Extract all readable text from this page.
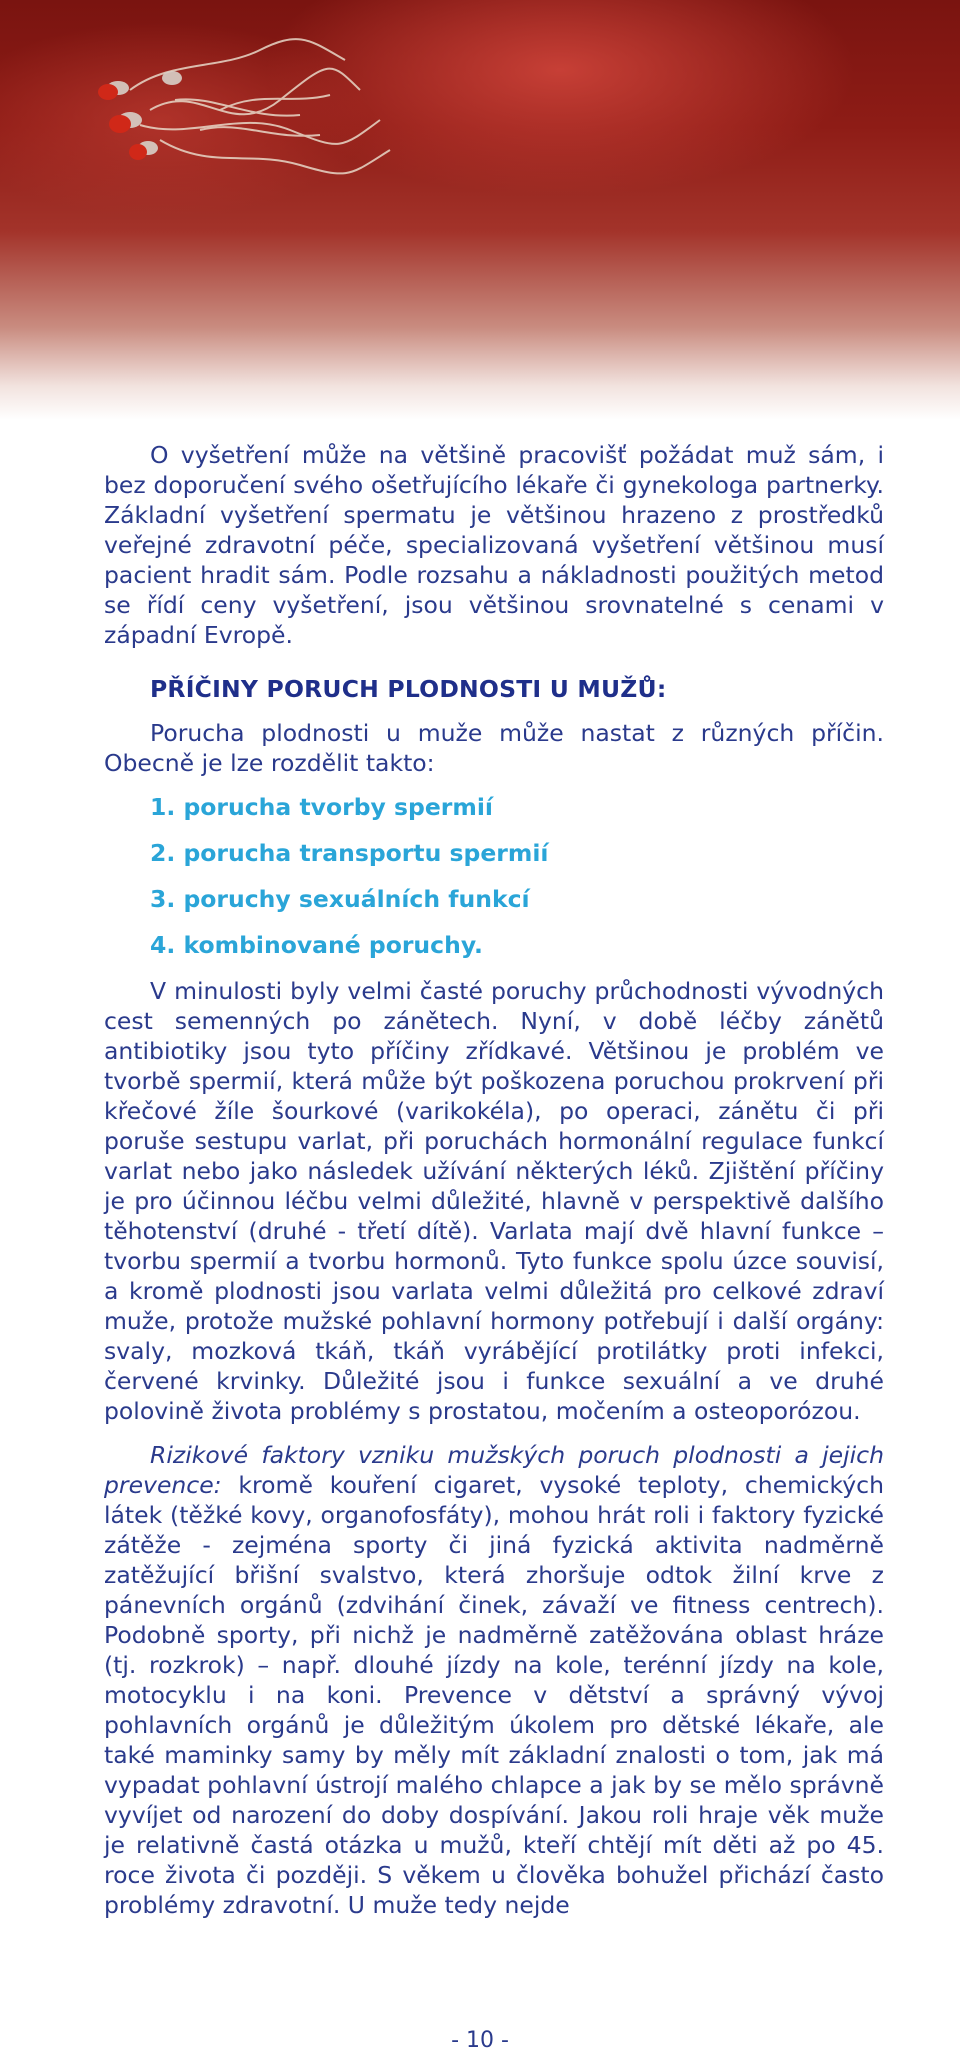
O vyšetření může na většině pracovišť požádat muž sám, i bez doporučení svého ošetřujícího lékaře či gynekologa partnerky. Základní vyšetření spermatu je většinou hrazeno z prostředků veřejné zdravotní péče, specializovaná vyšetření většinou musí pacient hradit sám. Podle rozsahu a nákladnosti použitých metod se řídí ceny vyšetření, jsou většinou srovnatelné s cenami v západní Evropě.

PŘÍČINY PORUCH PLODNOSTI U MUŽŮ:

Porucha plodnosti u muže může nastat z různých příčin. Obecně je lze rozdělit takto:

1. porucha tvorby spermií
2. porucha transportu spermií
3. poruchy sexuálních funkcí
4. kombinované poruchy.

V minulosti byly velmi časté poruchy průchodnosti vývodných cest semenných po zánětech. Nyní, v době léčby zánětů antibiotiky jsou tyto příčiny zřídkavé. Většinou je problém ve tvorbě spermií, která může být poškozena poruchou prokrvení při křečové žíle šourkové (varikokéla), po operaci, zánětu či při poruše sestupu varlat, při poruchách hormonální regulace funkcí varlat nebo jako následek užívání některých léků. Zjištění příčiny je pro účinnou léčbu velmi důležité, hlavně v perspektivě dalšího těhotenství (druhé - třetí dítě). Varlata mají dvě hlavní funkce – tvorbu spermií a tvorbu hormonů. Tyto funkce spolu úzce souvisí, a kromě plodnosti jsou varlata velmi důležitá pro celkové zdraví muže, protože mužské pohlavní hormony potřebují i další orgány: svaly, mozková tkáň, tkáň vyrábějící protilátky proti infekci, červené krvinky. Důležité jsou i funkce sexuální a ve druhé polovině života problémy s prostatou, močením a osteoporózou.

Rizikové faktory vzniku mužských poruch plodnosti a jejich prevence: kromě kouření cigaret, vysoké teploty, chemických látek (těžké kovy, organofosfáty), mohou hrát roli i faktory fyzické zátěže - zejména sporty či jiná fyzická aktivita nadměrně zatěžující břišní svalstvo, která zhoršuje odtok žilní krve z pánevních orgánů (zdvihání činek, závaží ve fitness centrech). Podobně sporty, při nichž je nadměrně zatěžována oblast hráze (tj. rozkrok) – např. dlouhé jízdy na kole, terénní jízdy na kole, motocyklu i na koni. Prevence v dětství a správný vývoj pohlavních orgánů je důležitým úkolem pro dětské lékaře, ale také maminky samy by měly mít základní znalosti o tom, jak má vypadat pohlavní ústrojí malého chlapce a jak by se mělo správně vyvíjet od narození do doby dospívání. Jakou roli hraje věk muže je relativně častá otázka u mužů, kteří chtějí mít děti až po 45. roce života či později. S věkem u člověka bohužel přichází často problémy zdravotní. U muže tedy nejde

- 10 -
